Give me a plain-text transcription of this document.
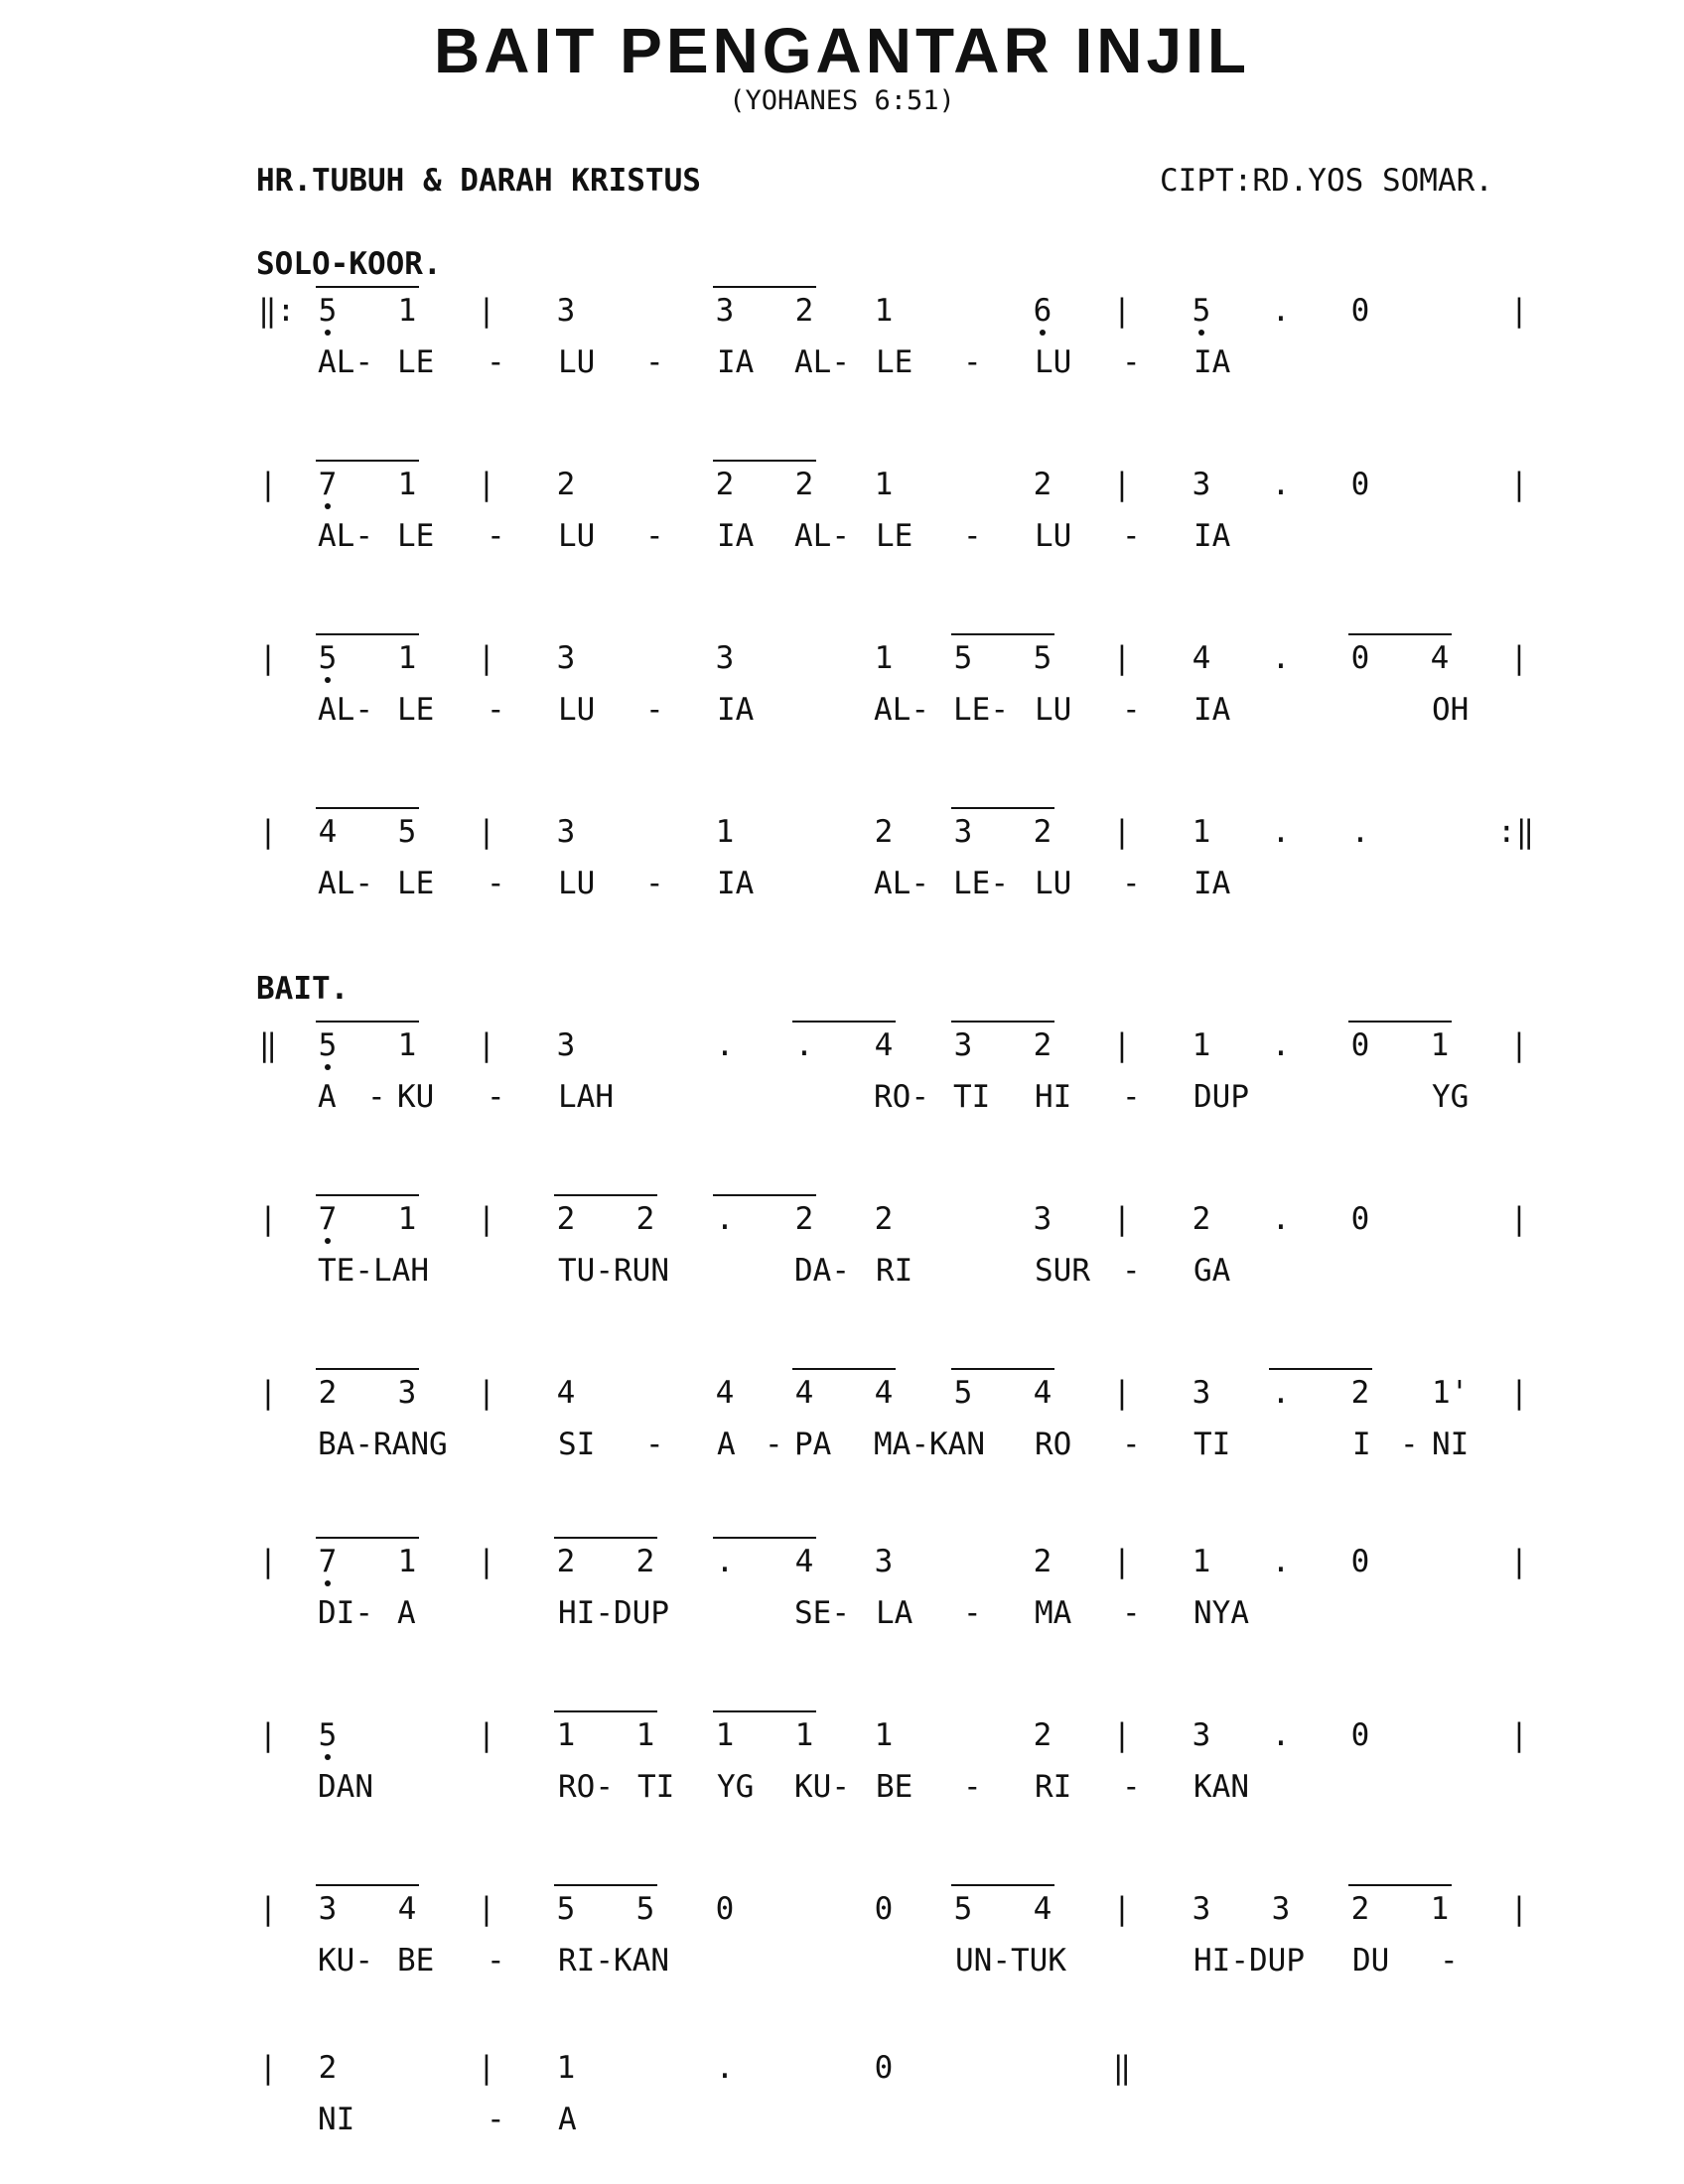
BAIT PENGANTAR INJIL
(YOHANES 6:51)
HR.TUBUH & DARAH KRISTUS	CIPT:RD.YOS SOMAR.
SOLO-KOOR.
BAIT.
‖: 5 1 | 3	3 2 1	6 | 5 . 0	|
AL- LE - LU - IA AL- LE - LU - IA
| 7 1 | 2	2 2 1	2 | 3 . 0	|
AL- LE - LU - IA AL- LE - LU - IA
| 5 1 | 3	3	1 5 5 | 4 . 0 4 |
AL- LE - LU - IA	AL- LE- LU - IA	OH
| 4 5 | 3	1	2 3 2 | 1 . .	:‖
AL- LE - LU - IA	AL- LE- LU - IA
‖ 5 1 | 3	. . 4 3 2 | 1 . 0 1 |
A - KU - LAH	RO- TI HI - DUP	YG
| 7 1 | 2 2 . 2 2	3 | 2 . 0	|
TE-LAH	TU-RUN	DA- RI	SUR - GA
| 2 3 | 4	4 4 4 5 4 | 3 . 2 1' |
BA-RANG	SI - A - PA MA-KAN RO - TI	I - NI
| 7 1 | 2 2 . 4 3	2 | 1 . 0	|
DI- A	HI-DUP	SE- LA - MA - NYA
| 5	| 1 1 1 1 1	2 | 3 . 0	|
DAN	RO- TI YG KU- BE - RI - KAN
| 3 4 | 5 5 0	0 5 4 | 3 3 2 1 |
KU- BE - RI-KAN	UN-TUK	HI-DUP DU -
| 2	| 1	.	0	‖
NI	- A
